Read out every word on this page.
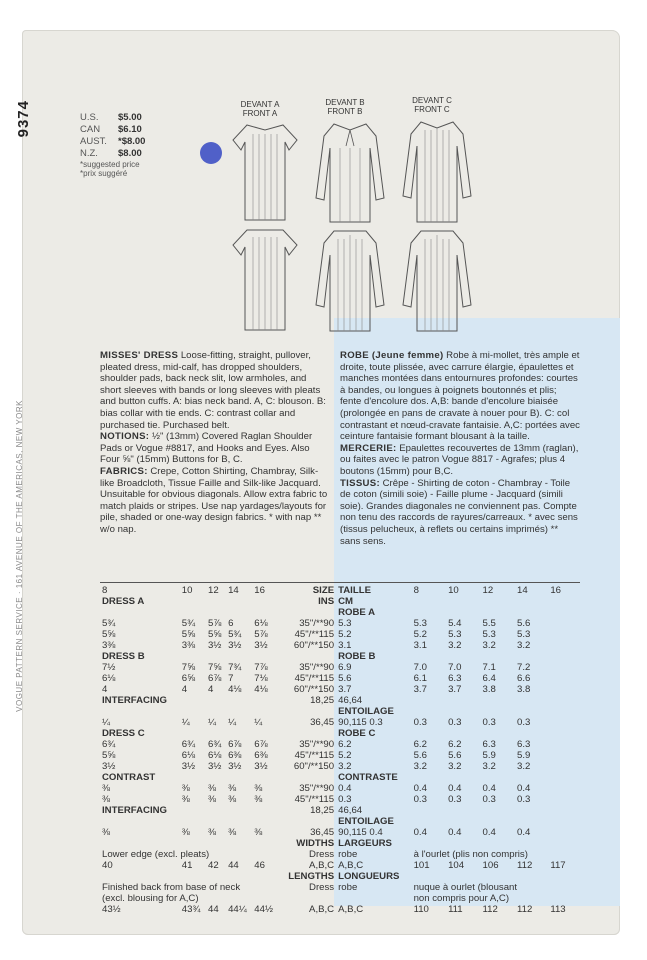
9374
VOGUE PATTERN SERVICE · 161 AVENUE OF THE AMERICAS, NEW YORK
U.S.	$5.00
CAN	$6.10
AUST.	*$8.00
N.Z.	$8.00
*suggested price
*prix suggéré
DEVANT A
FRONT A
DEVANT B
FRONT B
DEVANT C
FRONT C
MISSES' DRESS Loose-fitting, straight, pullover, pleated dress, mid-calf, has dropped shoulders, shoulder pads, back neck slit, low armholes, and short sleeves with bands or long sleeves with pleats and button cuffs. A: bias neck band. A, C: blouson. B: bias collar with tie ends. C: contrast collar and purchased tie. Purchased belt.
NOTIONS: ½" (13mm) Covered Raglan Shoulder Pads or Vogue #8817, and Hooks and Eyes. Also Four ⅝" (15mm) Buttons for B, C.
FABRICS: Crepe, Cotton Shirting, Chambray, Silk-like Broadcloth, Tissue Faille and Silk-like Jacquard. Unsuitable for obvious diagonals. Allow extra fabric to match plaids or stripes. Use nap yardages/layouts for pile, shaded or one-way design fabrics. * with nap ** w/o nap.
ROBE (Jeune femme) Robe à mi-mollet, très ample et droite, toute plissée, avec carrure élargie, épaulettes et manches montées dans entournures profondes: courtes à bandes, ou longues à poignets boutonnés et plis; fente d'encolure dos. A,B: bande d'encolure biaisée (prolongée en pans de cravate à nouer pour B). C: col contrastant et nœud-cravate fantaisie. A,C: portées avec ceinture fantaisie formant blousant à la taille.
MERCERIE: Epaulettes recouvertes de 13mm (raglan), ou faites avec le patron Vogue 8817 - Agrafes; plus 4 boutons (15mm) pour B,C.
TISSUS: Crêpe - Shirting de coton - Chambray - Toile de coton (simili soie) - Faille plume - Jacquard (simili soie). Grandes diagonales ne conviennent pas. Compte non tenu des raccords de rayures/carreaux. * avec sens (tissus pelucheux, à reflets ou certains imprimés) ** sans sens.
8	10	12	14	16	SIZE	TAILLE	8	10	12	14	16		
DRESS A					INS	CM							
						ROBE A							
5¾	5¾	5⅞	6	6⅛	35"/**90	5.3	5.3	5.4	5.5	5.6			
5⅝	5⅝	5⅝	5¾	5⅞	45"/**115	5.2	5.2	5.3	5.3	5.3			
3⅜	3⅜	3½	3½	3½	60"/**150	3.1	3.1	3.2	3.2	3.2			
DRESS B						ROBE B							
7½	7⅝	7⅝	7¾	7⅞	35"/**90	6.9	7.0	7.0	7.1	7.2			
6⅛	6⅝	6⅞	7	7⅛	45"/**115	5.6	6.1	6.3	6.4	6.6			
4	4	4	4⅛	4⅛	60"/**150	3.7	3.7	3.7	3.8	3.8			
INTERFACING					18,25	46,64							
						ENTOILAGE							
¼	¼	¼	¼	¼	36,45	90,115 0.3	0.3	0.3	0.3	0.3			
DRESS C						ROBE C							
6¾	6¾	6¾	6⅞	6⅞	35"/**90	6.2	6.2	6.2	6.3	6.3			
5⅝	6⅛	6⅛	6⅜	6⅜	45"/**115	5.2	5.6	5.6	5.9	5.9			
3½	3½	3½	3½	3½	60"/**150	3.2	3.2	3.2	3.2	3.2			
CONTRAST						CONTRASTE							
⅜	⅜	⅜	⅜	⅜	35"/**90	0.4	0.4	0.4	0.4	0.4			
⅜	⅜	⅜	⅜	⅜	45"/**115	0.3	0.3	0.3	0.3	0.3			
INTERFACING					18,25	46,64							
						ENTOILAGE							
⅜	⅜	⅜	⅜	⅜	36,45	90,115 0.4	0.4	0.4	0.4	0.4			
					WIDTHS	LARGEURS							
Lower edge (excl. pleats)					Dress	robe	à l'ourlet (plis non compris)						
40	41	42	44	46	A,B,C	A,B,C	101	104	106	112	117		
					LENGTHS	LONGUEURS							
Finished back from base of neck					Dress	robe	nuque à ourlet (blousant						
(excl. blousing for A,C)							non compris pour A,C)						
43½	43¾	44	44¼	44½	A,B,C	A,B,C	110	111	112	112	113		
